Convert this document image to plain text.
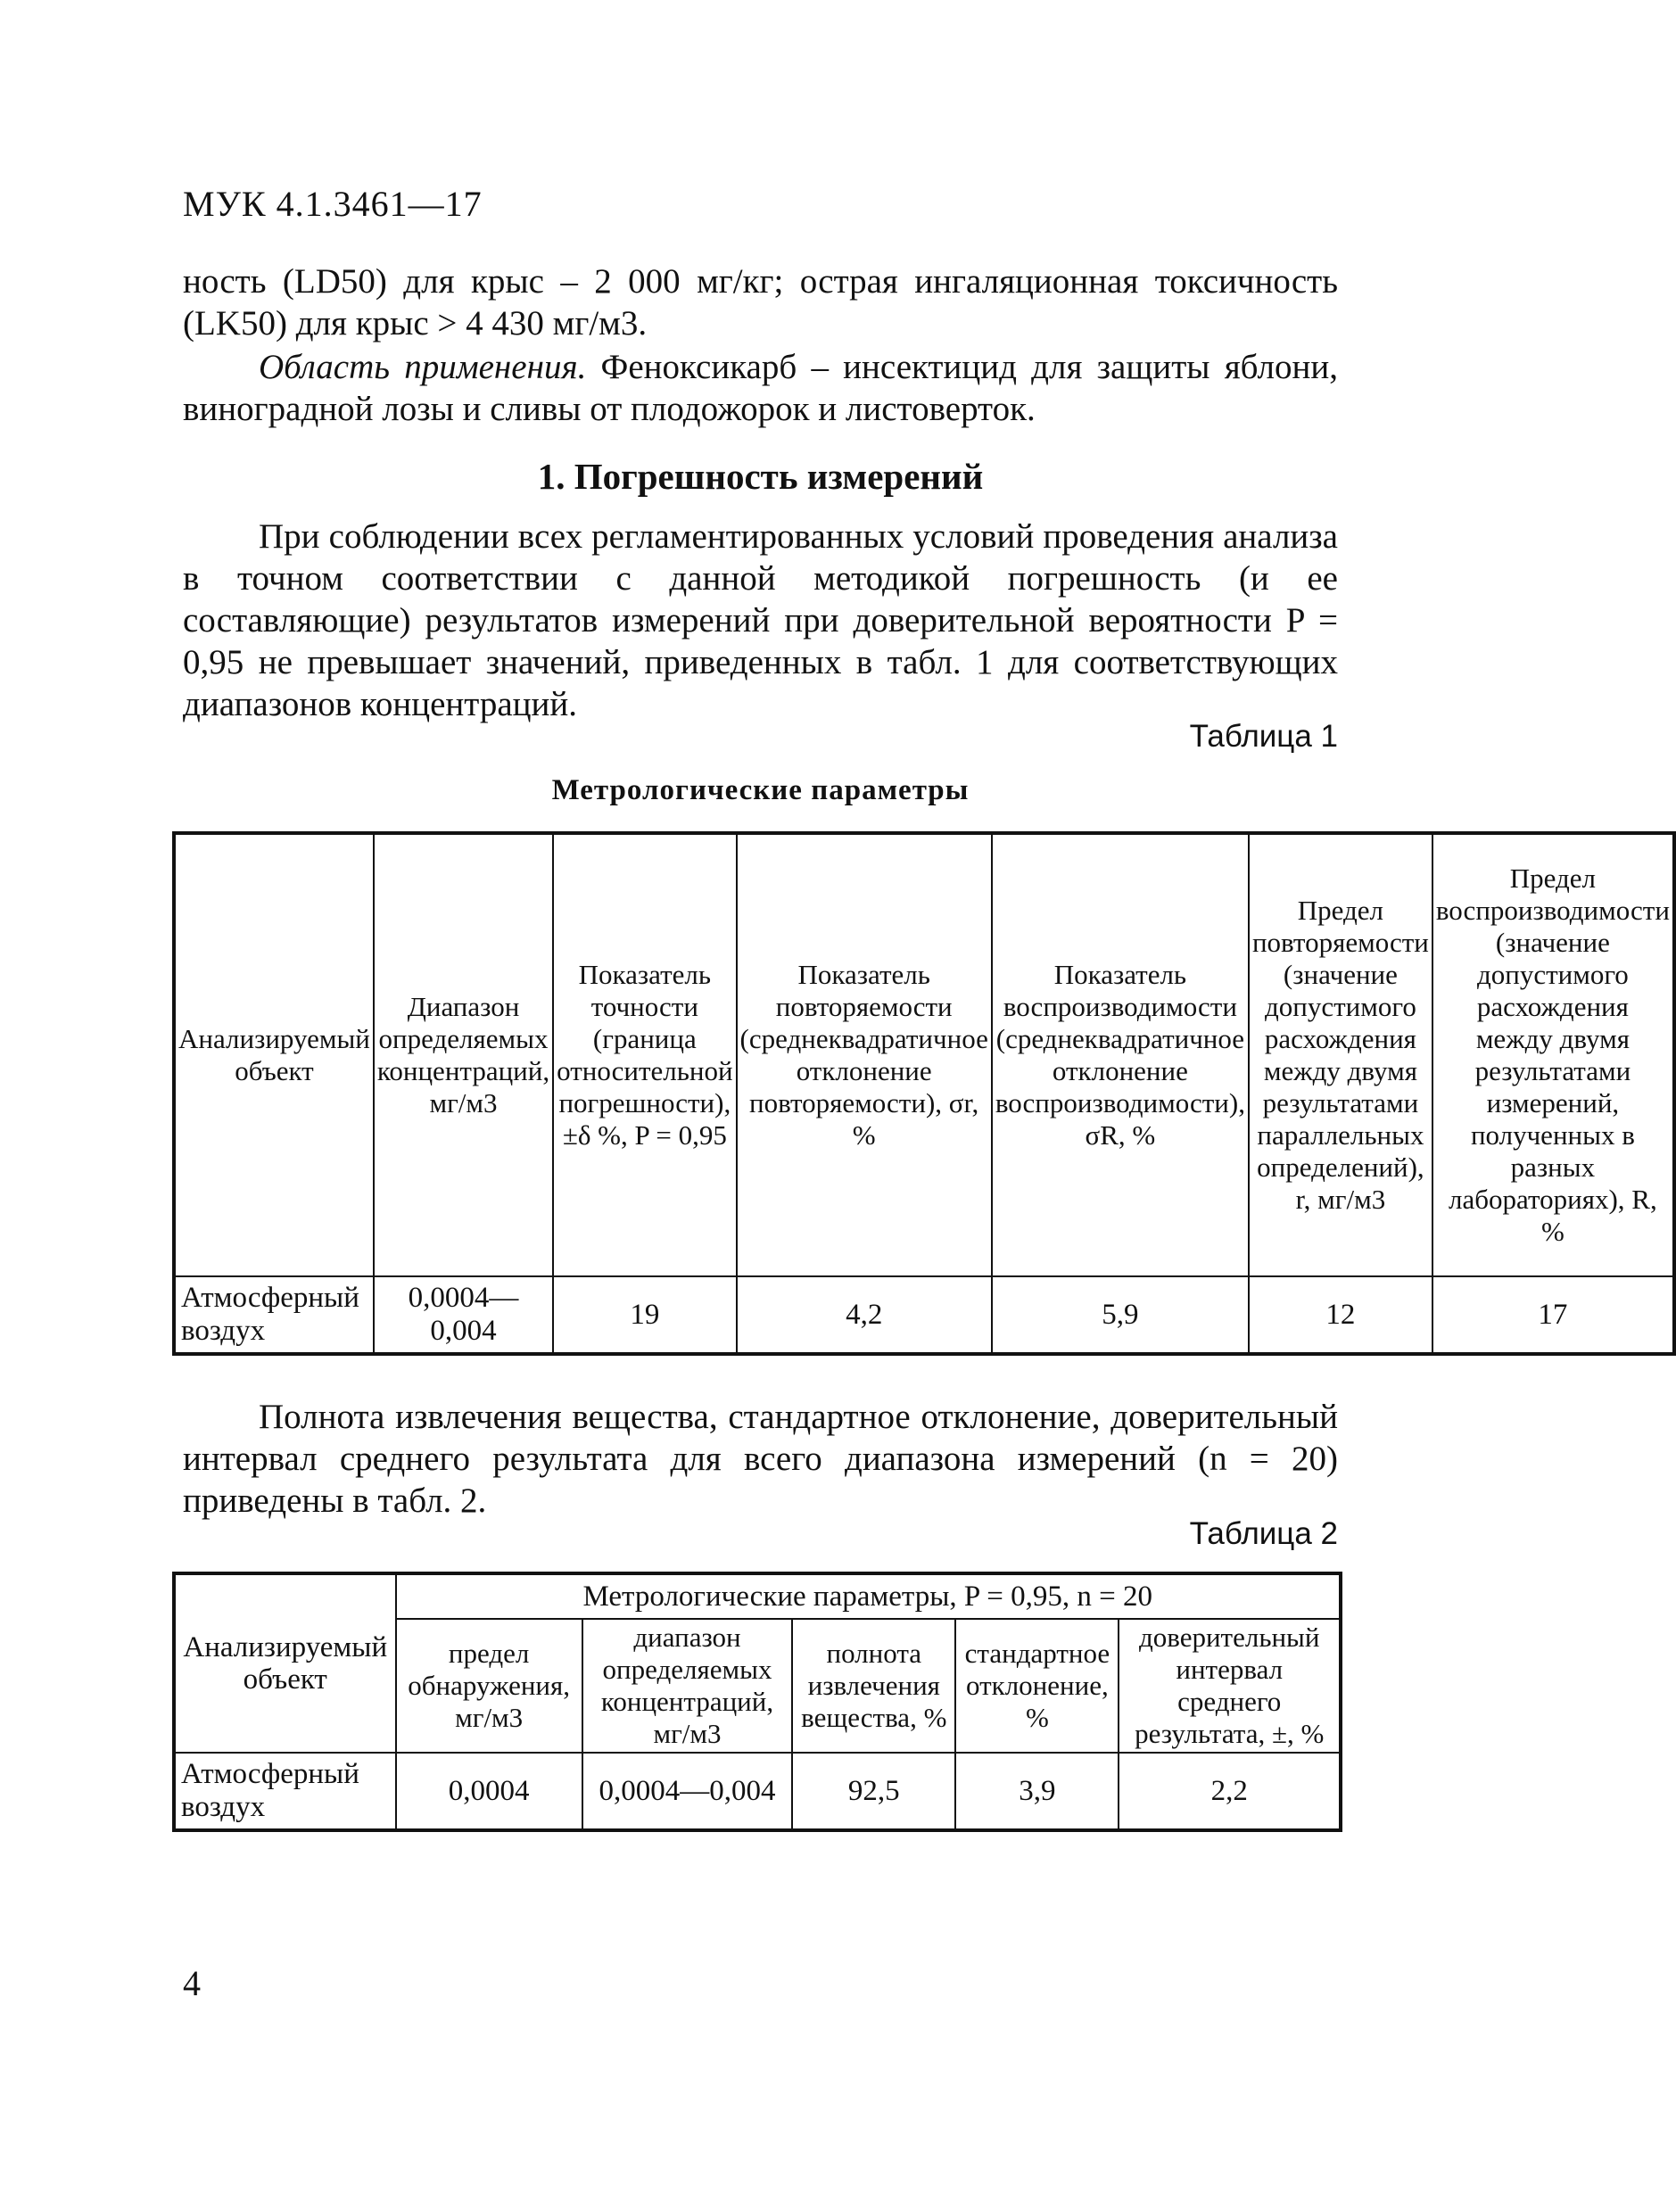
МУК 4.1.3461—17
ность (LD50) для крыс – 2 000 мг/кг; острая ингаляционная токсичность (LK50) для крыс > 4 430 мг/м3.
Область применения. Феноксикарб – инсектицид для защиты яблони, виноградной лозы и сливы от плодожорок и листоверток.
1. Погрешность измерений
При соблюдении всех регламентированных условий проведения анализа в точном соответствии с данной методикой погрешность (и ее составляющие) результатов измерений при доверительной вероятности P = 0,95 не превышает значений, приведенных в табл. 1 для соответствующих диапазонов концентраций.
Таблица 1
Метрологические параметры
Анализируемый объект	Диапазон определяемых концентраций, мг/м3	Показатель точности (граница относительной погрешности), ±δ %, P = 0,95	Показатель повторяемости (среднеквадратичное отклонение повторяемости), σr, %	Показатель воспроизводимости (среднеквадратичное отклонение воспроизводимости), σR, %	Предел повторяемости (значение допустимого расхождения между двумя результатами параллельных определений), r, мг/м3	Предел воспроизводимости (значение допустимого расхождения между двумя результатами измерений, полученных в разных лабораториях), R, %
Атмосферный воздух	0,0004—0,004	19	4,2	5,9	12	17
Полнота извлечения вещества, стандартное отклонение, доверительный интервал среднего результата для всего диапазона измерений (n = 20) приведены в табл. 2.
Таблица 2
Анализируемый объект	Метрологические параметры, P = 0,95, n = 20				
	предел обнаружения, мг/м3	диапазон определяемых концентраций, мг/м3	полнота извлечения вещества, %	стандартное отклонение, %	доверительный интервал среднего результата, ±, %
Атмосферный воздух	0,0004	0,0004—0,004	92,5	3,9	2,2
4
